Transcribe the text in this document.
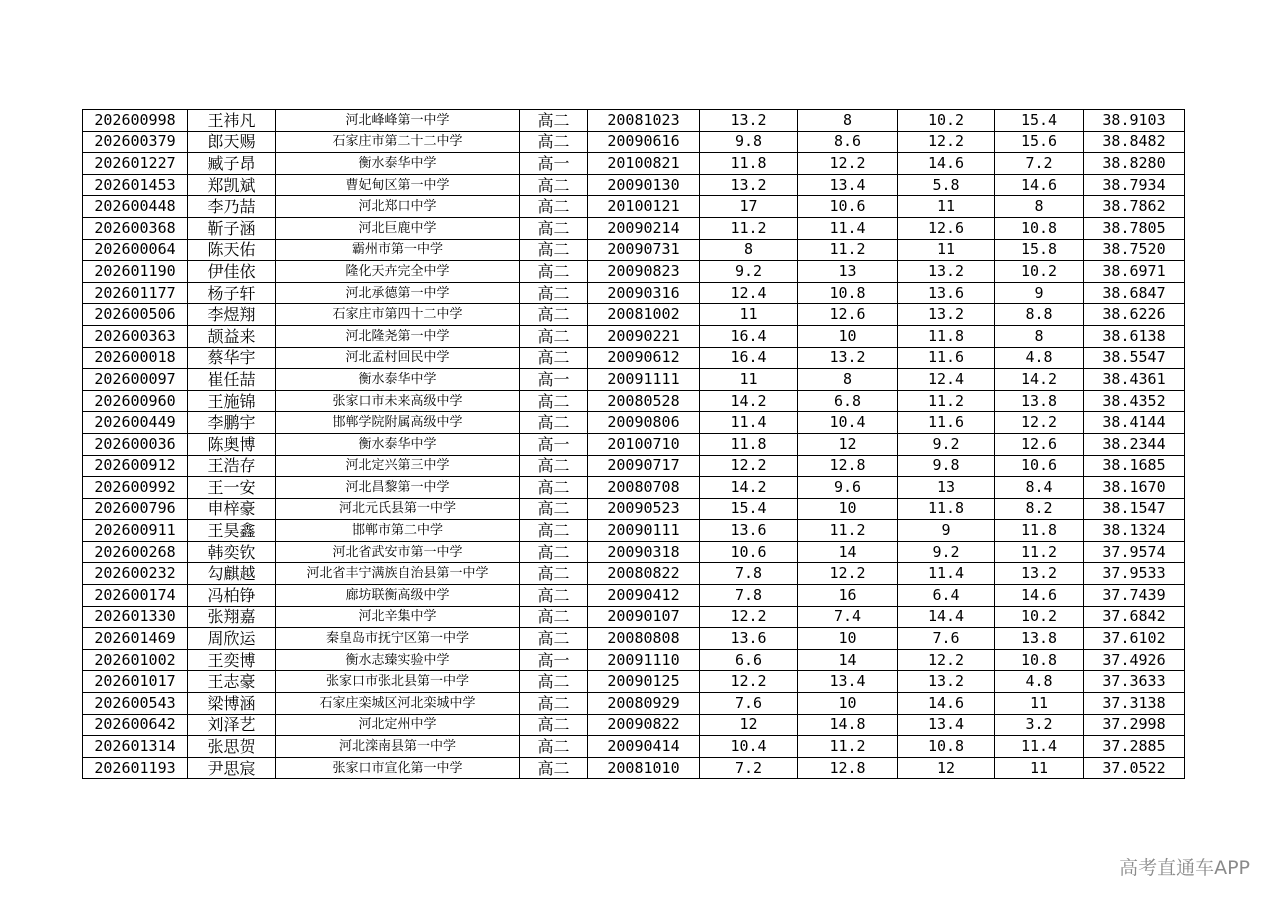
202600998	王祎凡	河北峰峰第一中学	高二	20081023	13.2	8	10.2	15.4	38.9103
202600379	郎天赐	石家庄市第二十二中学	高二	20090616	9.8	8.6	12.2	15.6	38.8482
202601227	臧子昂	衡水泰华中学	高一	20100821	11.8	12.2	14.6	7.2	38.8280
202601453	郑凯斌	曹妃甸区第一中学	高二	20090130	13.2	13.4	5.8	14.6	38.7934
202600448	李乃喆	河北郑口中学	高二	20100121	17	10.6	11	8	38.7862
202600368	靳子涵	河北巨鹿中学	高二	20090214	11.2	11.4	12.6	10.8	38.7805
202600064	陈天佑	霸州市第一中学	高二	20090731	8	11.2	11	15.8	38.7520
202601190	伊佳依	隆化天卉完全中学	高二	20090823	9.2	13	13.2	10.2	38.6971
202601177	杨子轩	河北承德第一中学	高二	20090316	12.4	10.8	13.6	9	38.6847
202600506	李煜翔	石家庄市第四十二中学	高二	20081002	11	12.6	13.2	8.8	38.6226
202600363	颉益来	河北隆尧第一中学	高二	20090221	16.4	10	11.8	8	38.6138
202600018	蔡华宇	河北孟村回民中学	高二	20090612	16.4	13.2	11.6	4.8	38.5547
202600097	崔任喆	衡水泰华中学	高一	20091111	11	8	12.4	14.2	38.4361
202600960	王施锦	张家口市未来高级中学	高二	20080528	14.2	6.8	11.2	13.8	38.4352
202600449	李鹏宇	邯郸学院附属高级中学	高二	20090806	11.4	10.4	11.6	12.2	38.4144
202600036	陈奥博	衡水泰华中学	高一	20100710	11.8	12	9.2	12.6	38.2344
202600912	王浩存	河北定兴第三中学	高二	20090717	12.2	12.8	9.8	10.6	38.1685
202600992	王一安	河北昌黎第一中学	高二	20080708	14.2	9.6	13	8.4	38.1670
202600796	申梓豪	河北元氏县第一中学	高二	20090523	15.4	10	11.8	8.2	38.1547
202600911	王昊鑫	邯郸市第二中学	高二	20090111	13.6	11.2	9	11.8	38.1324
202600268	韩奕钦	河北省武安市第一中学	高二	20090318	10.6	14	9.2	11.2	37.9574
202600232	勾麒越	河北省丰宁满族自治县第一中学	高二	20080822	7.8	12.2	11.4	13.2	37.9533
202600174	冯柏铮	廊坊联衡高级中学	高二	20090412	7.8	16	6.4	14.6	37.7439
202601330	张翔嘉	河北辛集中学	高二	20090107	12.2	7.4	14.4	10.2	37.6842
202601469	周欣运	秦皇岛市抚宁区第一中学	高二	20080808	13.6	10	7.6	13.8	37.6102
202601002	王奕博	衡水志臻实验中学	高一	20091110	6.6	14	12.2	10.8	37.4926
202601017	王志豪	张家口市张北县第一中学	高二	20090125	12.2	13.4	13.2	4.8	37.3633
202600543	梁博涵	石家庄栾城区河北栾城中学	高二	20080929	7.6	10	14.6	11	37.3138
202600642	刘泽艺	河北定州中学	高二	20090822	12	14.8	13.4	3.2	37.2998
202601314	张思贺	河北滦南县第一中学	高二	20090414	10.4	11.2	10.8	11.4	37.2885
202601193	尹思宸	张家口市宣化第一中学	高二	20081010	7.2	12.8	12	11	37.0522
高考直通车APP
